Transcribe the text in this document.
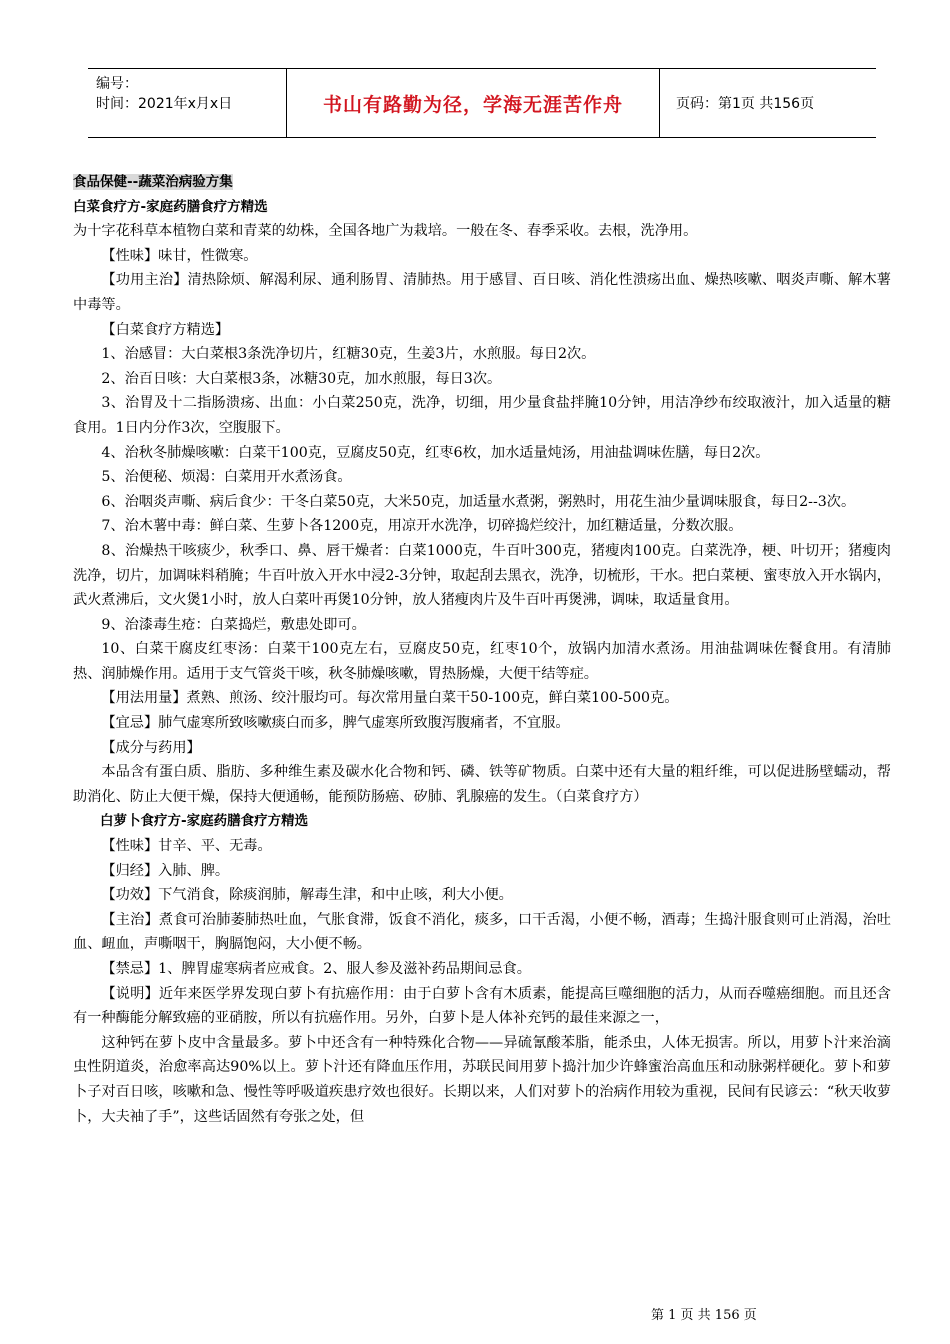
编号：
时间：2021年x月x日	书山有路勤为径，学海无涯苦作舟	页码：第1页 共156页

食品保健--蔬菜治病验方集

白菜食疗方-家庭药膳食疗方精选

为十字花科草本植物白菜和青菜的幼株，全国各地广为栽培。一般在冬、春季采收。去根，洗净用。

【性味】味甘，性微寒。

【功用主治】清热除烦、解渴利尿、通利肠胃、清肺热。用于感冒、百日咳、消化性溃疡出血、燥热咳嗽、咽炎声嘶、解木薯中毒等。

【白菜食疗方精选】

1、治感冒：大白菜根3条洗净切片，红糖30克，生姜3片，水煎服。每日2次。

2、治百日咳：大白菜根3条，冰糖30克，加水煎服，每日3次。

3、治胃及十二指肠溃疡、出血：小白菜250克，洗净，切细，用少量食盐拌腌10分钟，用洁净纱布绞取液汁，加入适量的糖食用。1日内分作3次，空腹服下。

4、治秋冬肺燥咳嗽：白菜干100克，豆腐皮50克，红枣6枚，加水适量炖汤，用油盐调味佐膳，每日2次。

5、治便秘、烦渴：白菜用开水煮汤食。

6、治咽炎声嘶、病后食少：干冬白菜50克，大米50克，加适量水煮粥，粥熟时，用花生油少量调味服食，每日2--3次。

7、治木薯中毒：鲜白菜、生萝卜各1200克，用凉开水洗净，切碎捣烂绞汁，加红糖适量，分数次服。

8、治燥热干咳痰少，秋季口、鼻、唇干燥者：白菜1000克，牛百叶300克，猪瘦肉100克。白菜洗净，梗、叶切开；猪瘦肉洗净，切片，加调味料稍腌；牛百叶放入开水中浸2-3分钟，取起刮去黑衣，洗净，切梳形，干水。把白菜梗、蜜枣放入开水锅内，武火煮沸后，文火煲1小时，放人白菜叶再煲10分钟，放人猪瘦肉片及牛百叶再煲沸，调味，取适量食用。

9、治漆毒生疮：白菜捣烂，敷患处即可。

10、白菜干腐皮红枣汤：白菜干100克左右，豆腐皮50克，红枣10个，放锅内加清水煮汤。用油盐调味佐餐食用。有清肺热、润肺燥作用。适用于支气管炎干咳，秋冬肺燥咳嗽，胃热肠燥，大便干结等症。

【用法用量】煮熟、煎汤、绞汁服均可。每次常用量白菜干50-100克，鲜白菜100-500克。

【宜忌】肺气虚寒所致咳嗽痰白而多，脾气虚寒所致腹泻腹痛者，不宜服。

【成分与药用】

本品含有蛋白质、脂肪、多种维生素及碳水化合物和钙、磷、铁等矿物质。白菜中还有大量的粗纤维，可以促进肠壁蠕动，帮助消化、防止大便干燥，保持大便通畅，能预防肠癌、矽肺、乳腺癌的发生。（白菜食疗方）

白萝卜食疗方-家庭药膳食疗方精选

【性味】甘辛、平、无毒。

【归经】入肺、脾。

【功效】下气消食，除痰润肺，解毒生津，和中止咳，利大小便。

【主治】煮食可治肺萎肺热吐血，气胀食滞，饭食不消化，痰多，口干舌渴，小便不畅，酒毒；生捣汁服食则可止消渴，治吐血、衄血，声嘶咽干，胸膈饱闷，大小便不畅。

【禁忌】1、脾胃虚寒病者应戒食。2、服人参及滋补药品期间忌食。

【说明】近年来医学界发现白萝卜有抗癌作用：由于白萝卜含有木质素，能提高巨噬细胞的活力，从而吞噬癌细胞。而且还含有一种酶能分解致癌的亚硝胺，所以有抗癌作用。另外，白萝卜是人体补充钙的最佳来源之一，

这种钙在萝卜皮中含量最多。萝卜中还含有一种特殊化合物——异硫氰酸苯脂，能杀虫，人体无损害。所以，用萝卜汁来治滴虫性阴道炎，治愈率高达90%以上。萝卜汁还有降血压作用，苏联民间用萝卜捣汁加少许蜂蜜治高血压和动脉粥样硬化。萝卜和萝卜子对百日咳，咳嗽和急、慢性等呼吸道疾患疗效也很好。长期以来，人们对萝卜的治病作用较为重视，民间有民谚云：“秋天收萝卜，大夫袖了手”，这些话固然有夸张之处，但

第 1 页 共 156 页
